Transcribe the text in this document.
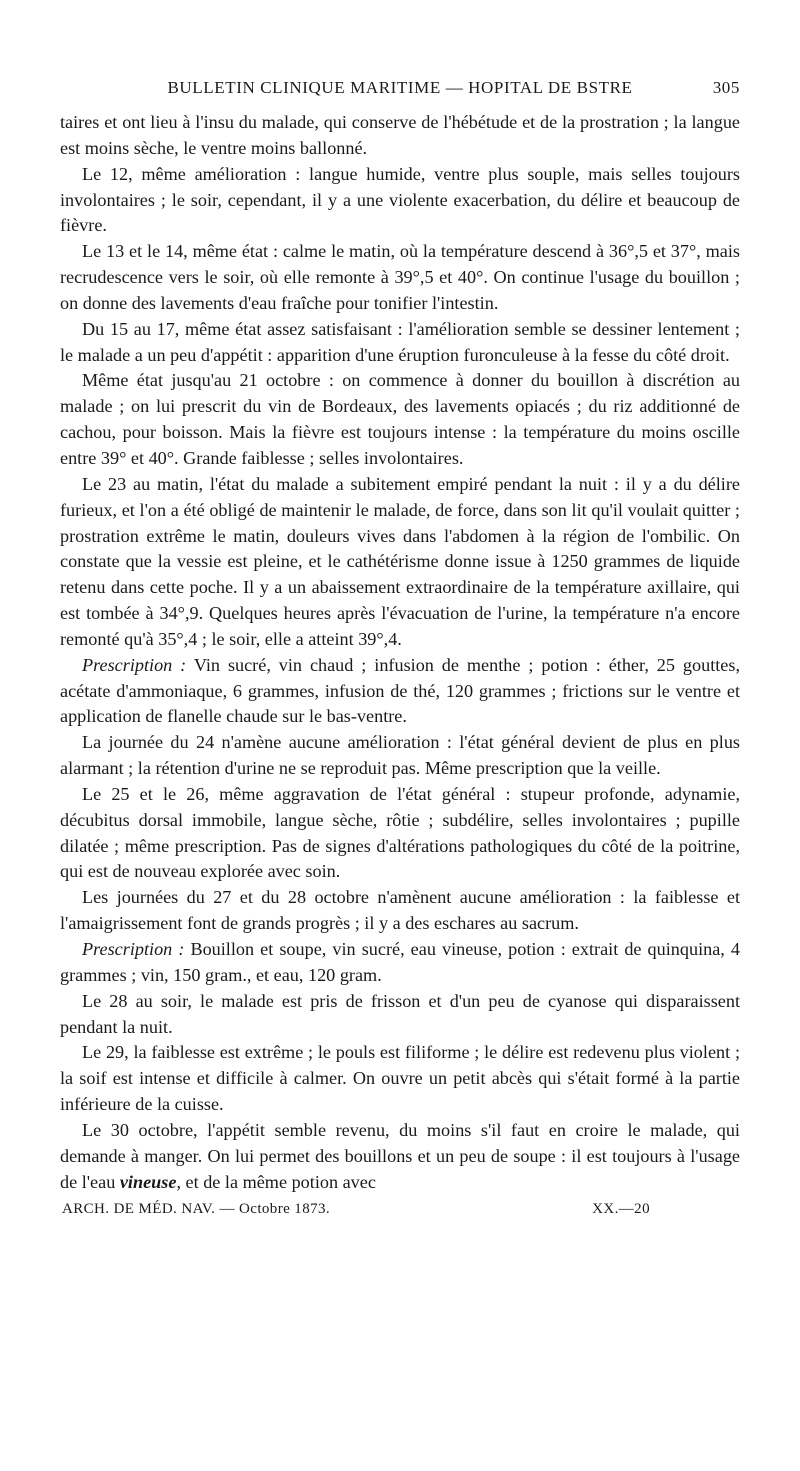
BULLETIN CLINIQUE MARITIME — HOPITAL DE BSTRE	305

taires et ont lieu à l'insu du malade, qui conserve de l'hébétude et de la prostration ; la langue est moins sèche, le ventre moins ballonné.

Le 12, même amélioration : langue humide, ventre plus souple, mais selles toujours involontaires ; le soir, cependant, il y a une violente exacerbation, du délire et beaucoup de fièvre.

Le 13 et le 14, même état : calme le matin, où la température descend à 36°,5 et 37°, mais recrudescence vers le soir, où elle remonte à 39°,5 et 40°. On continue l'usage du bouillon ; on donne des lavements d'eau fraîche pour tonifier l'intestin.

Du 15 au 17, même état assez satisfaisant : l'amélioration semble se dessiner lentement ; le malade a un peu d'appétit : apparition d'une éruption furonculeuse à la fesse du côté droit.

Même état jusqu'au 21 octobre : on commence à donner du bouillon à discrétion au malade ; on lui prescrit du vin de Bordeaux, des lavements opiacés ; du riz additionné de cachou, pour boisson. Mais la fièvre est toujours intense : la température du moins oscille entre 39° et 40°. Grande faiblesse ; selles involontaires.

Le 23 au matin, l'état du malade a subitement empiré pendant la nuit : il y a du délire furieux, et l'on a été obligé de maintenir le malade, de force, dans son lit qu'il voulait quitter ; prostration extrême le matin, douleurs vives dans l'abdomen à la région de l'ombilic. On constate que la vessie est pleine, et le cathétérisme donne issue à 1250 grammes de liquide retenu dans cette poche. Il y a un abaissement extraordinaire de la température axillaire, qui est tombée à 34°,9. Quelques heures après l'évacuation de l'urine, la température n'a encore remonté qu'à 35°,4 ; le soir, elle a atteint 39°,4.

Prescription : Vin sucré, vin chaud ; infusion de menthe ; potion : éther, 25 gouttes, acétate d'ammoniaque, 6 grammes, infusion de thé, 120 grammes ; frictions sur le ventre et application de flanelle chaude sur le bas-ventre.

La journée du 24 n'amène aucune amélioration : l'état général devient de plus en plus alarmant ; la rétention d'urine ne se reproduit pas. Même prescription que la veille.

Le 25 et le 26, même aggravation de l'état général : stupeur profonde, adynamie, décubitus dorsal immobile, langue sèche, rôtie ; subdélire, selles involontaires ; pupille dilatée ; même prescription. Pas de signes d'altérations pathologiques du côté de la poitrine, qui est de nouveau explorée avec soin.

Les journées du 27 et du 28 octobre n'amènent aucune amélioration : la faiblesse et l'amaigrissement font de grands progrès ; il y a des eschares au sacrum.

Prescription : Bouillon et soupe, vin sucré, eau vineuse, potion : extrait de quinquina, 4 grammes ; vin, 150 gram., et eau, 120 gram.

Le 28 au soir, le malade est pris de frisson et d'un peu de cyanose qui disparaissent pendant la nuit.

Le 29, la faiblesse est extrême ; le pouls est filiforme ; le délire est redevenu plus violent ; la soif est intense et difficile à calmer. On ouvre un petit abcès qui s'était formé à la partie inférieure de la cuisse.

Le 30 octobre, l'appétit semble revenu, du moins s'il faut en croire le malade, qui demande à manger. On lui permet des bouillons et un peu de soupe : il est toujours à l'usage de l'eau vineuse, et de la même potion avec

ARCH. DE MÉD. NAV. — Octobre 1873.	XX.—20
